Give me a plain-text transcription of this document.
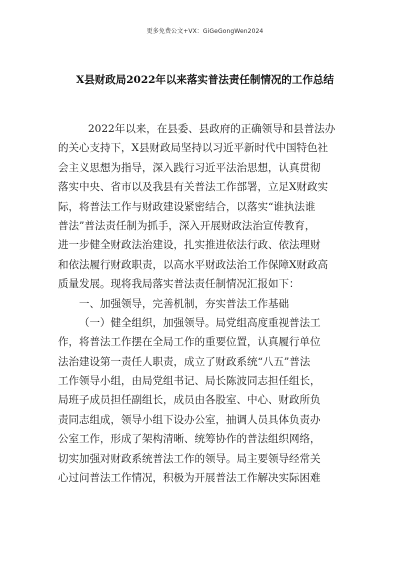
更多免费公文+VX：GiGeGongWen2024
X县财政局2022年以来落实普法责任制情况的工作总结
2022年以来，在县委、县政府的正确领导和县普法办
的关心支持下，X县财政局坚持以习近平新时代中国特色社
会主义思想为指导，深入践行习近平法治思想，认真贯彻
落实中央、省市以及我县有关普法工作部署，立足X财政实
际，将普法工作与财政建设紧密结合，以落实“谁执法谁
普法”普法责任制为抓手，深入开展财政法治宣传教育，
进一步健全财政法治建设，扎实推进依法行政、依法理财
和依法履行财政职责，以高水平财政法治工作保障X财政高
质量发展。现将我局落实普法责任制情况汇报如下：
一、加强领导，完善机制，夯实普法工作基础
（一）健全组织，加强领导。局党组高度重视普法工
作，将普法工作摆在全局工作的重要位置，认真履行单位
法治建设第一责任人职责，成立了财政系统“八五”普法
工作领导小组，由局党组书记、局长陈波同志担任组长，
局班子成员担任副组长，成员由各股室、中心、财政所负
责同志组成，领导小组下设办公室，抽调人员具体负责办
公室工作，形成了架构清晰、统筹协作的普法组织网络，
切实加强对财政系统普法工作的领导。局主要领导经常关
心过问普法工作情况，积极为开展普法工作解决实际困难
